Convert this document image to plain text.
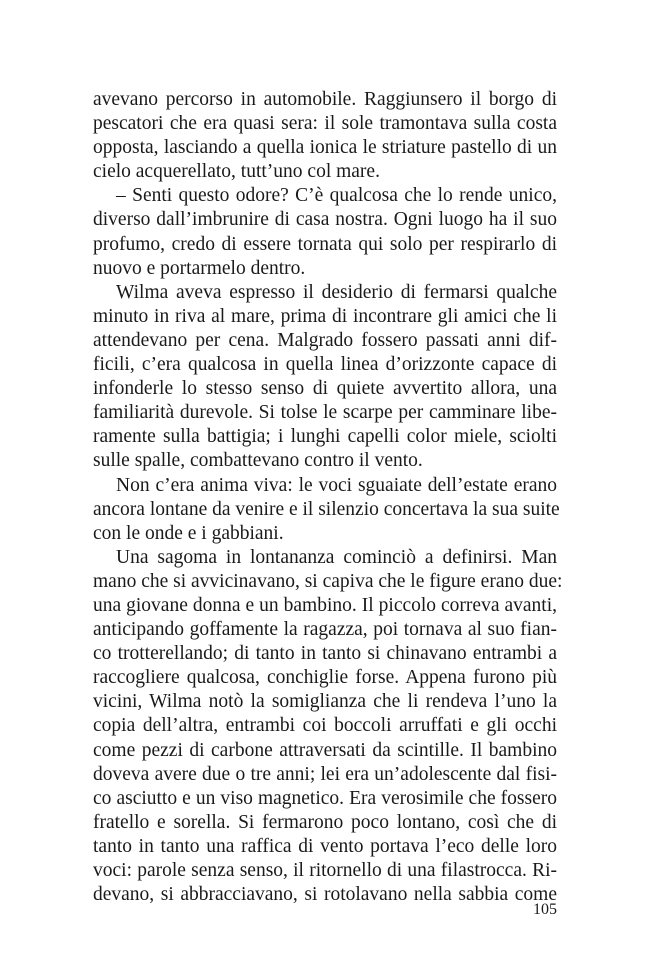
avevano percorso in automobile. Raggiunsero il borgo di
pescatori che era quasi sera: il sole tramontava sulla costa
opposta, lasciando a quella ionica le striature pastello di un
cielo acquerellato, tutt’uno col mare.

– Senti questo odore? C’è qualcosa che lo rende unico,
diverso dall’imbrunire di casa nostra. Ogni luogo ha il suo
profumo, credo di essere tornata qui solo per respirarlo di
nuovo e portarmelo dentro.

Wilma aveva espresso il desiderio di fermarsi qualche
minuto in riva al mare, prima di incontrare gli amici che li
attendevano per cena. Malgrado fossero passati anni dif-
ficili, c’era qualcosa in quella linea d’orizzonte capace di
infonderle lo stesso senso di quiete avvertito allora, una
familiarità durevole. Si tolse le scarpe per camminare libe-
ramente sulla battigia; i lunghi capelli color miele, sciolti
sulle spalle, combattevano contro il vento.

Non c’era anima viva: le voci sguaiate dell’estate erano
ancora lontane da venire e il silenzio concertava la sua suite
con le onde e i gabbiani.

Una sagoma in lontananza cominciò a definirsi. Man
mano che si avvicinavano, si capiva che le figure erano due:
una giovane donna e un bambino. Il piccolo correva avanti,
anticipando goffamente la ragazza, poi tornava al suo fian-
co trotterellando; di tanto in tanto si chinavano entrambi a
raccogliere qualcosa, conchiglie forse. Appena furono più
vicini, Wilma notò la somiglianza che li rendeva l’uno la
copia dell’altra, entrambi coi boccoli arruffati e gli occhi
come pezzi di carbone attraversati da scintille. Il bambino
doveva avere due o tre anni; lei era un’adolescente dal fisi-
co asciutto e un viso magnetico. Era verosimile che fossero
fratello e sorella. Si fermarono poco lontano, così che di
tanto in tanto una raffica di vento portava l’eco delle loro
voci: parole senza senso, il ritornello di una filastrocca. Ri-
devano, si abbracciavano, si rotolavano nella sabbia come

105
